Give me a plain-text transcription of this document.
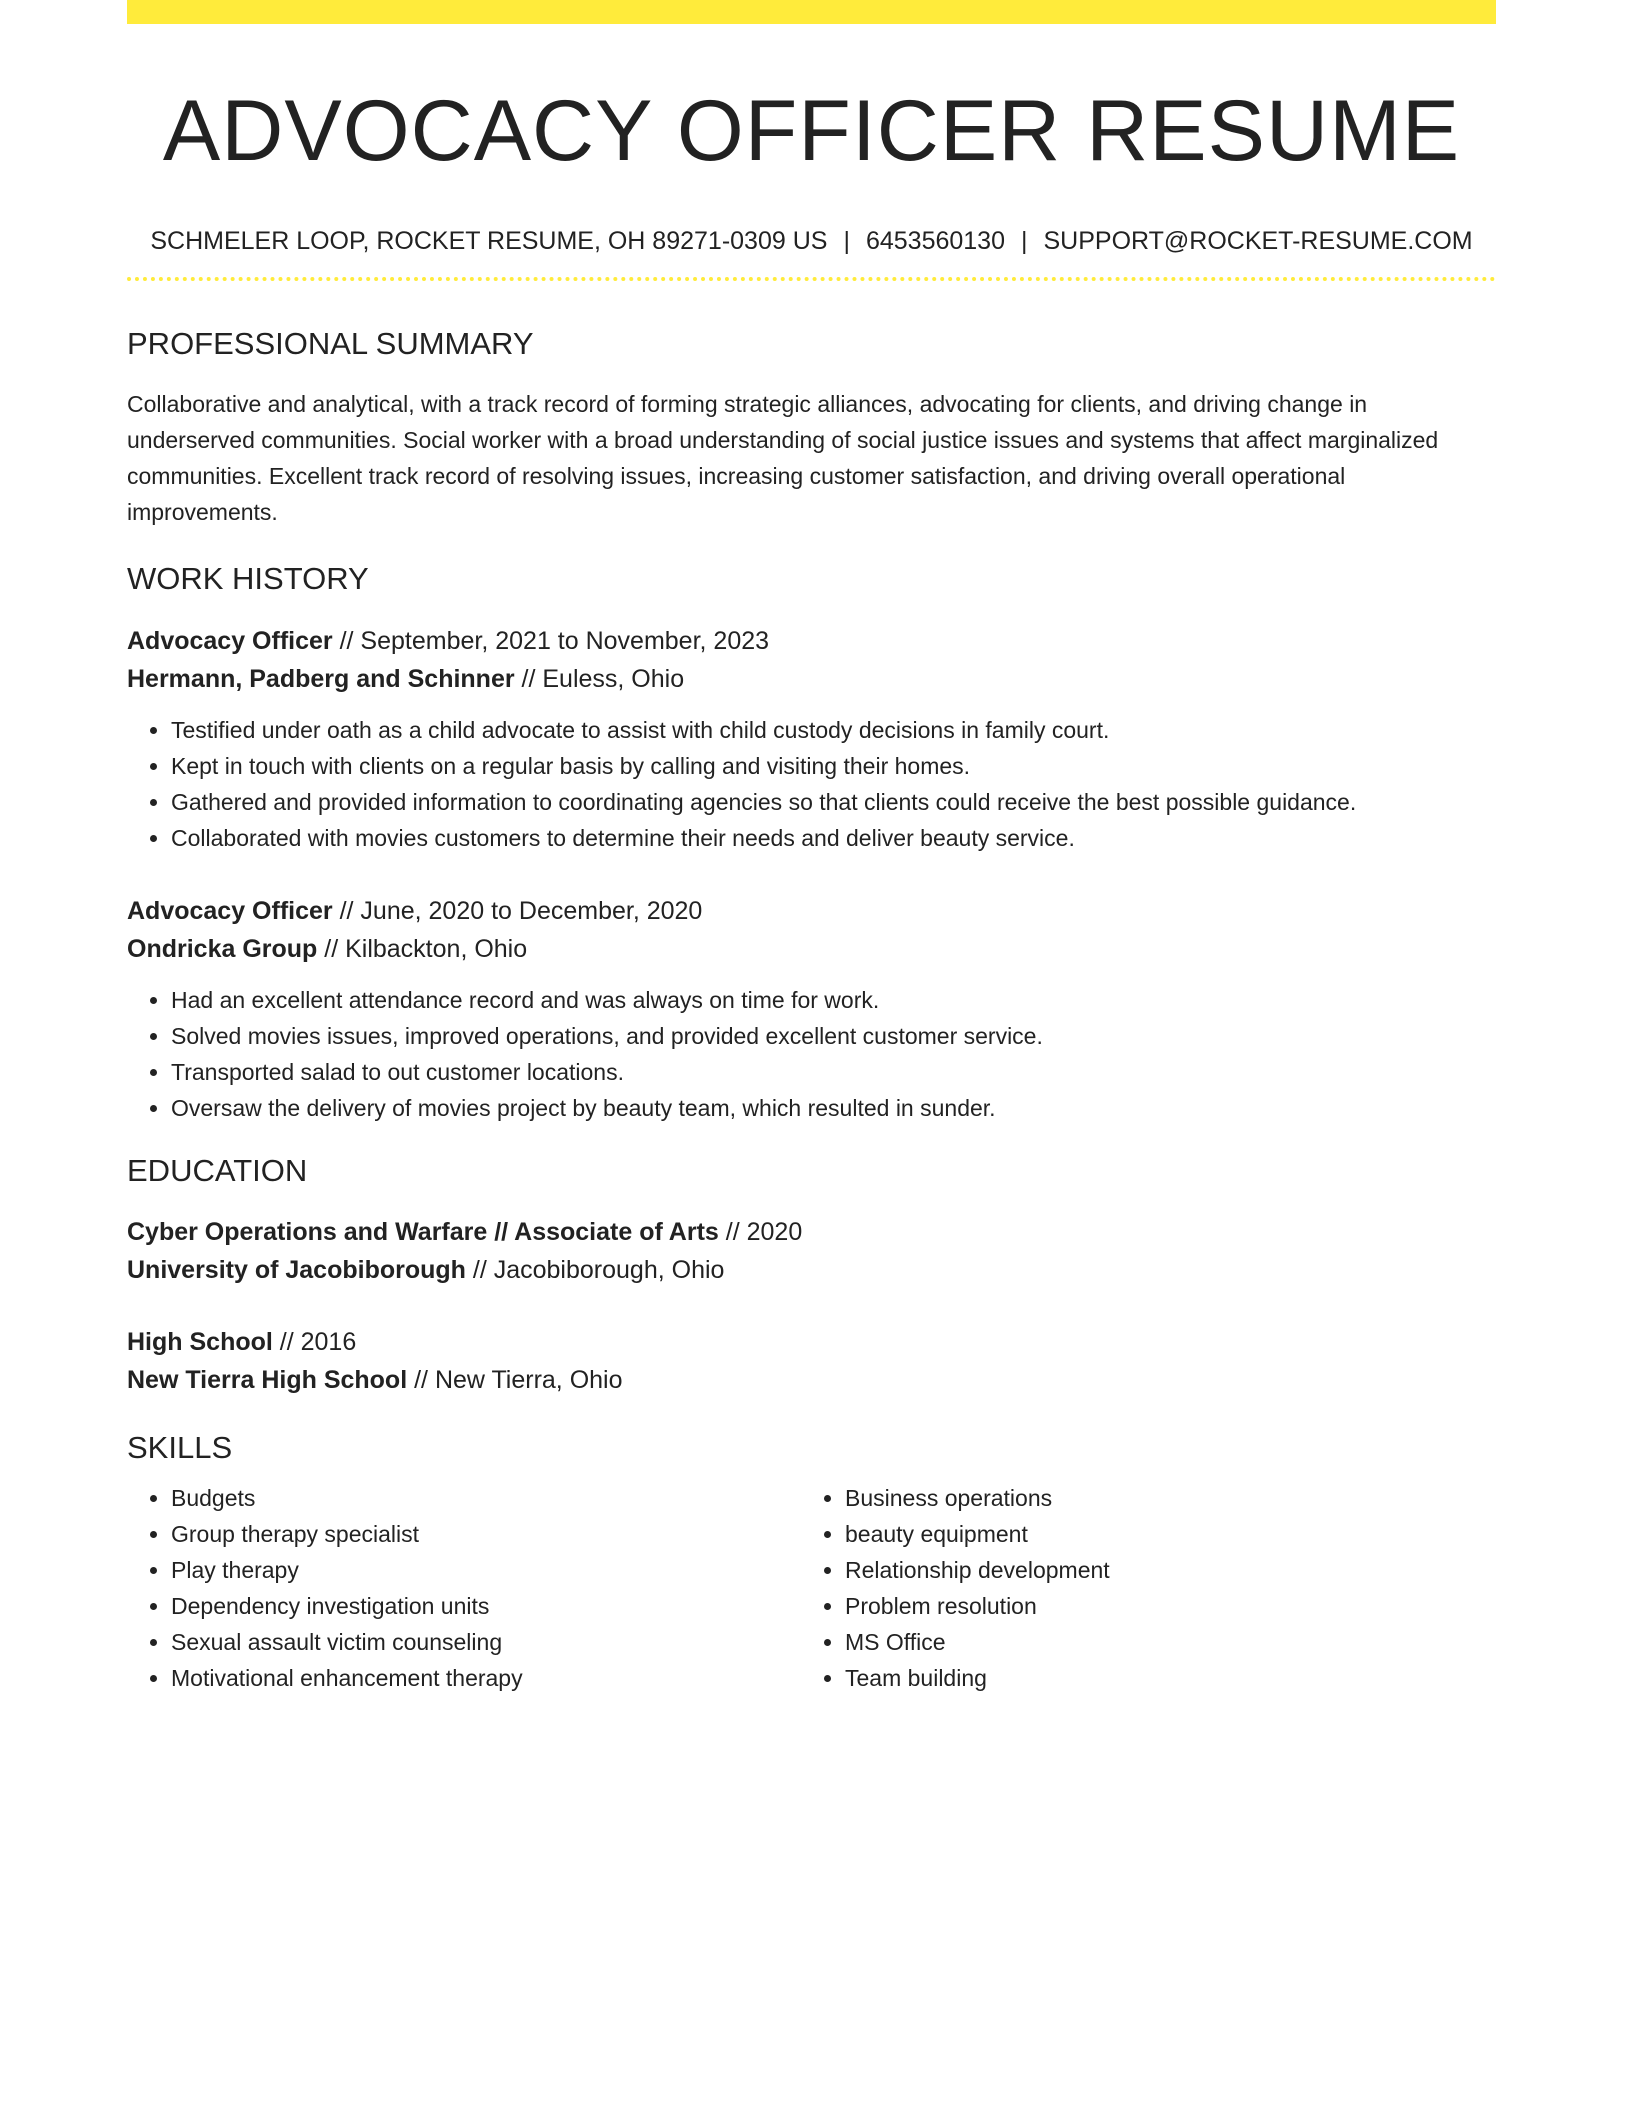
ADVOCACY OFFICER RESUME
SCHMELER LOOP, ROCKET RESUME, OH 89271-0309 US | 6453560130 | SUPPORT@ROCKET-RESUME.COM
PROFESSIONAL SUMMARY

Collaborative and analytical, with a track record of forming strategic alliances, advocating for clients, and driving change in underserved communities. Social worker with a broad understanding of social justice issues and systems that affect marginalized communities. Excellent track record of resolving issues, increasing customer satisfaction, and driving overall operational improvements.

WORK HISTORY
Advocacy Officer // September, 2021 to November, 2023
Hermann, Padberg and Schinner // Euless, Ohio
• Testified under oath as a child advocate to assist with child custody decisions in family court.
• Kept in touch with clients on a regular basis by calling and visiting their homes.
• Gathered and provided information to coordinating agencies so that clients could receive the best possible guidance.
• Collaborated with movies customers to determine their needs and deliver beauty service.
Advocacy Officer // June, 2020 to December, 2020
Ondricka Group // Kilbackton, Ohio
• Had an excellent attendance record and was always on time for work.
• Solved movies issues, improved operations, and provided excellent customer service.
• Transported salad to out customer locations.
• Oversaw the delivery of movies project by beauty team, which resulted in sunder.
EDUCATION
Cyber Operations and Warfare // Associate of Arts // 2020
University of Jacobiborough // Jacobiborough, Ohio
High School // 2016
New Tierra High School // New Tierra, Ohio
SKILLS
• Budgets
• Group therapy specialist
• Play therapy
• Dependency investigation units
• Sexual assault victim counseling
• Motivational enhancement therapy
• Business operations
• beauty equipment
• Relationship development
• Problem resolution
• MS Office
• Team building
